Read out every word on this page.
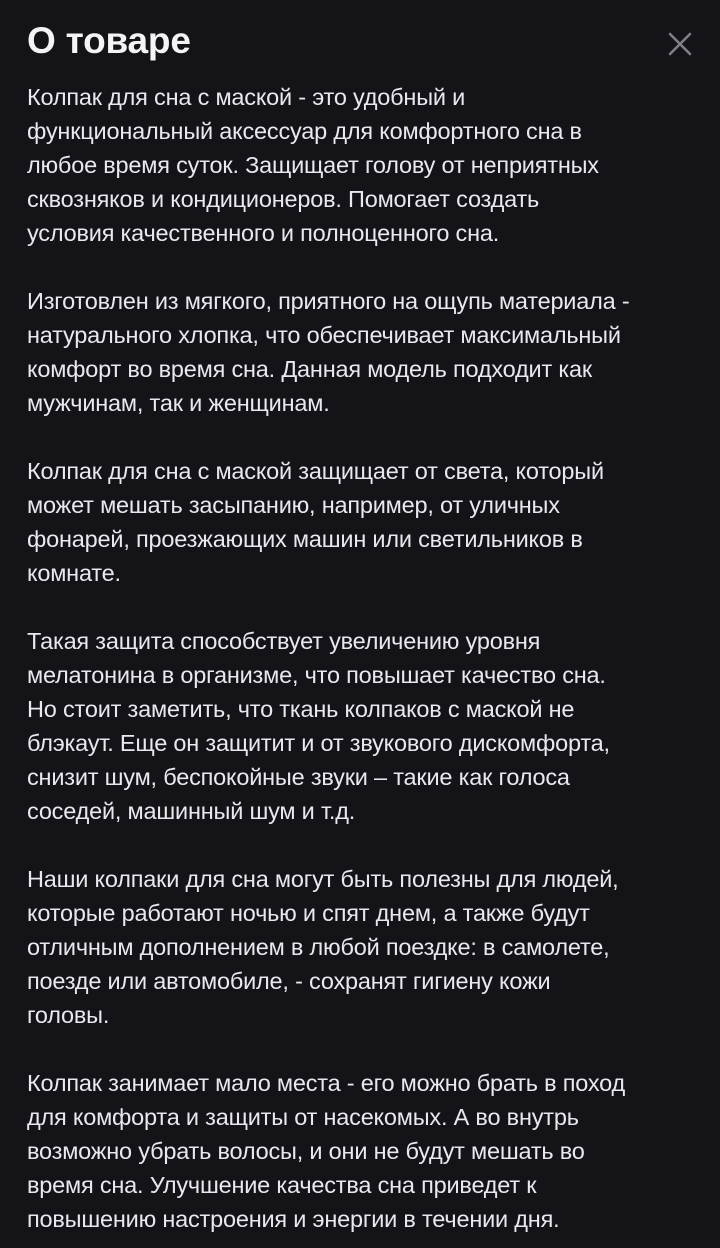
О товаре

Колпак для сна с маской - это удобный и
функциональный аксессуар для комфортного сна в
любое время суток. Защищает голову от неприятных
сквозняков и кондиционеров. Помогает создать
условия качественного и полноценного сна.

Изготовлен из мягкого, приятного на ощупь материала -
натурального хлопка, что обеспечивает максимальный
комфорт во время сна. Данная модель подходит как
мужчинам, так и женщинам.

Колпак для сна с маской защищает от света, который
может мешать засыпанию, например, от уличных
фонарей, проезжающих машин или светильников в
комнате.

Такая защита способствует увеличению уровня
мелатонина в организме, что повышает качество сна.
Но стоит заметить, что ткань колпаков с маской не
блэкаут. Еще он защитит и от звукового дискомфорта,
снизит шум, беспокойные звуки – такие как голоса
соседей, машинный шум и т.д.

Наши колпаки для сна могут быть полезны для людей,
которые работают ночью и спят днем, а также будут
отличным дополнением в любой поездке: в самолете,
поезде или автомобиле, - сохранят гигиену кожи
головы.

Колпак занимает мало места - его можно брать в поход
для комфорта и защиты от насекомых. А во внутрь
возможно убрать волосы, и они не будут мешать во
время сна. Улучшение качества сна приведет к
повышению настроения и энергии в течении дня.
